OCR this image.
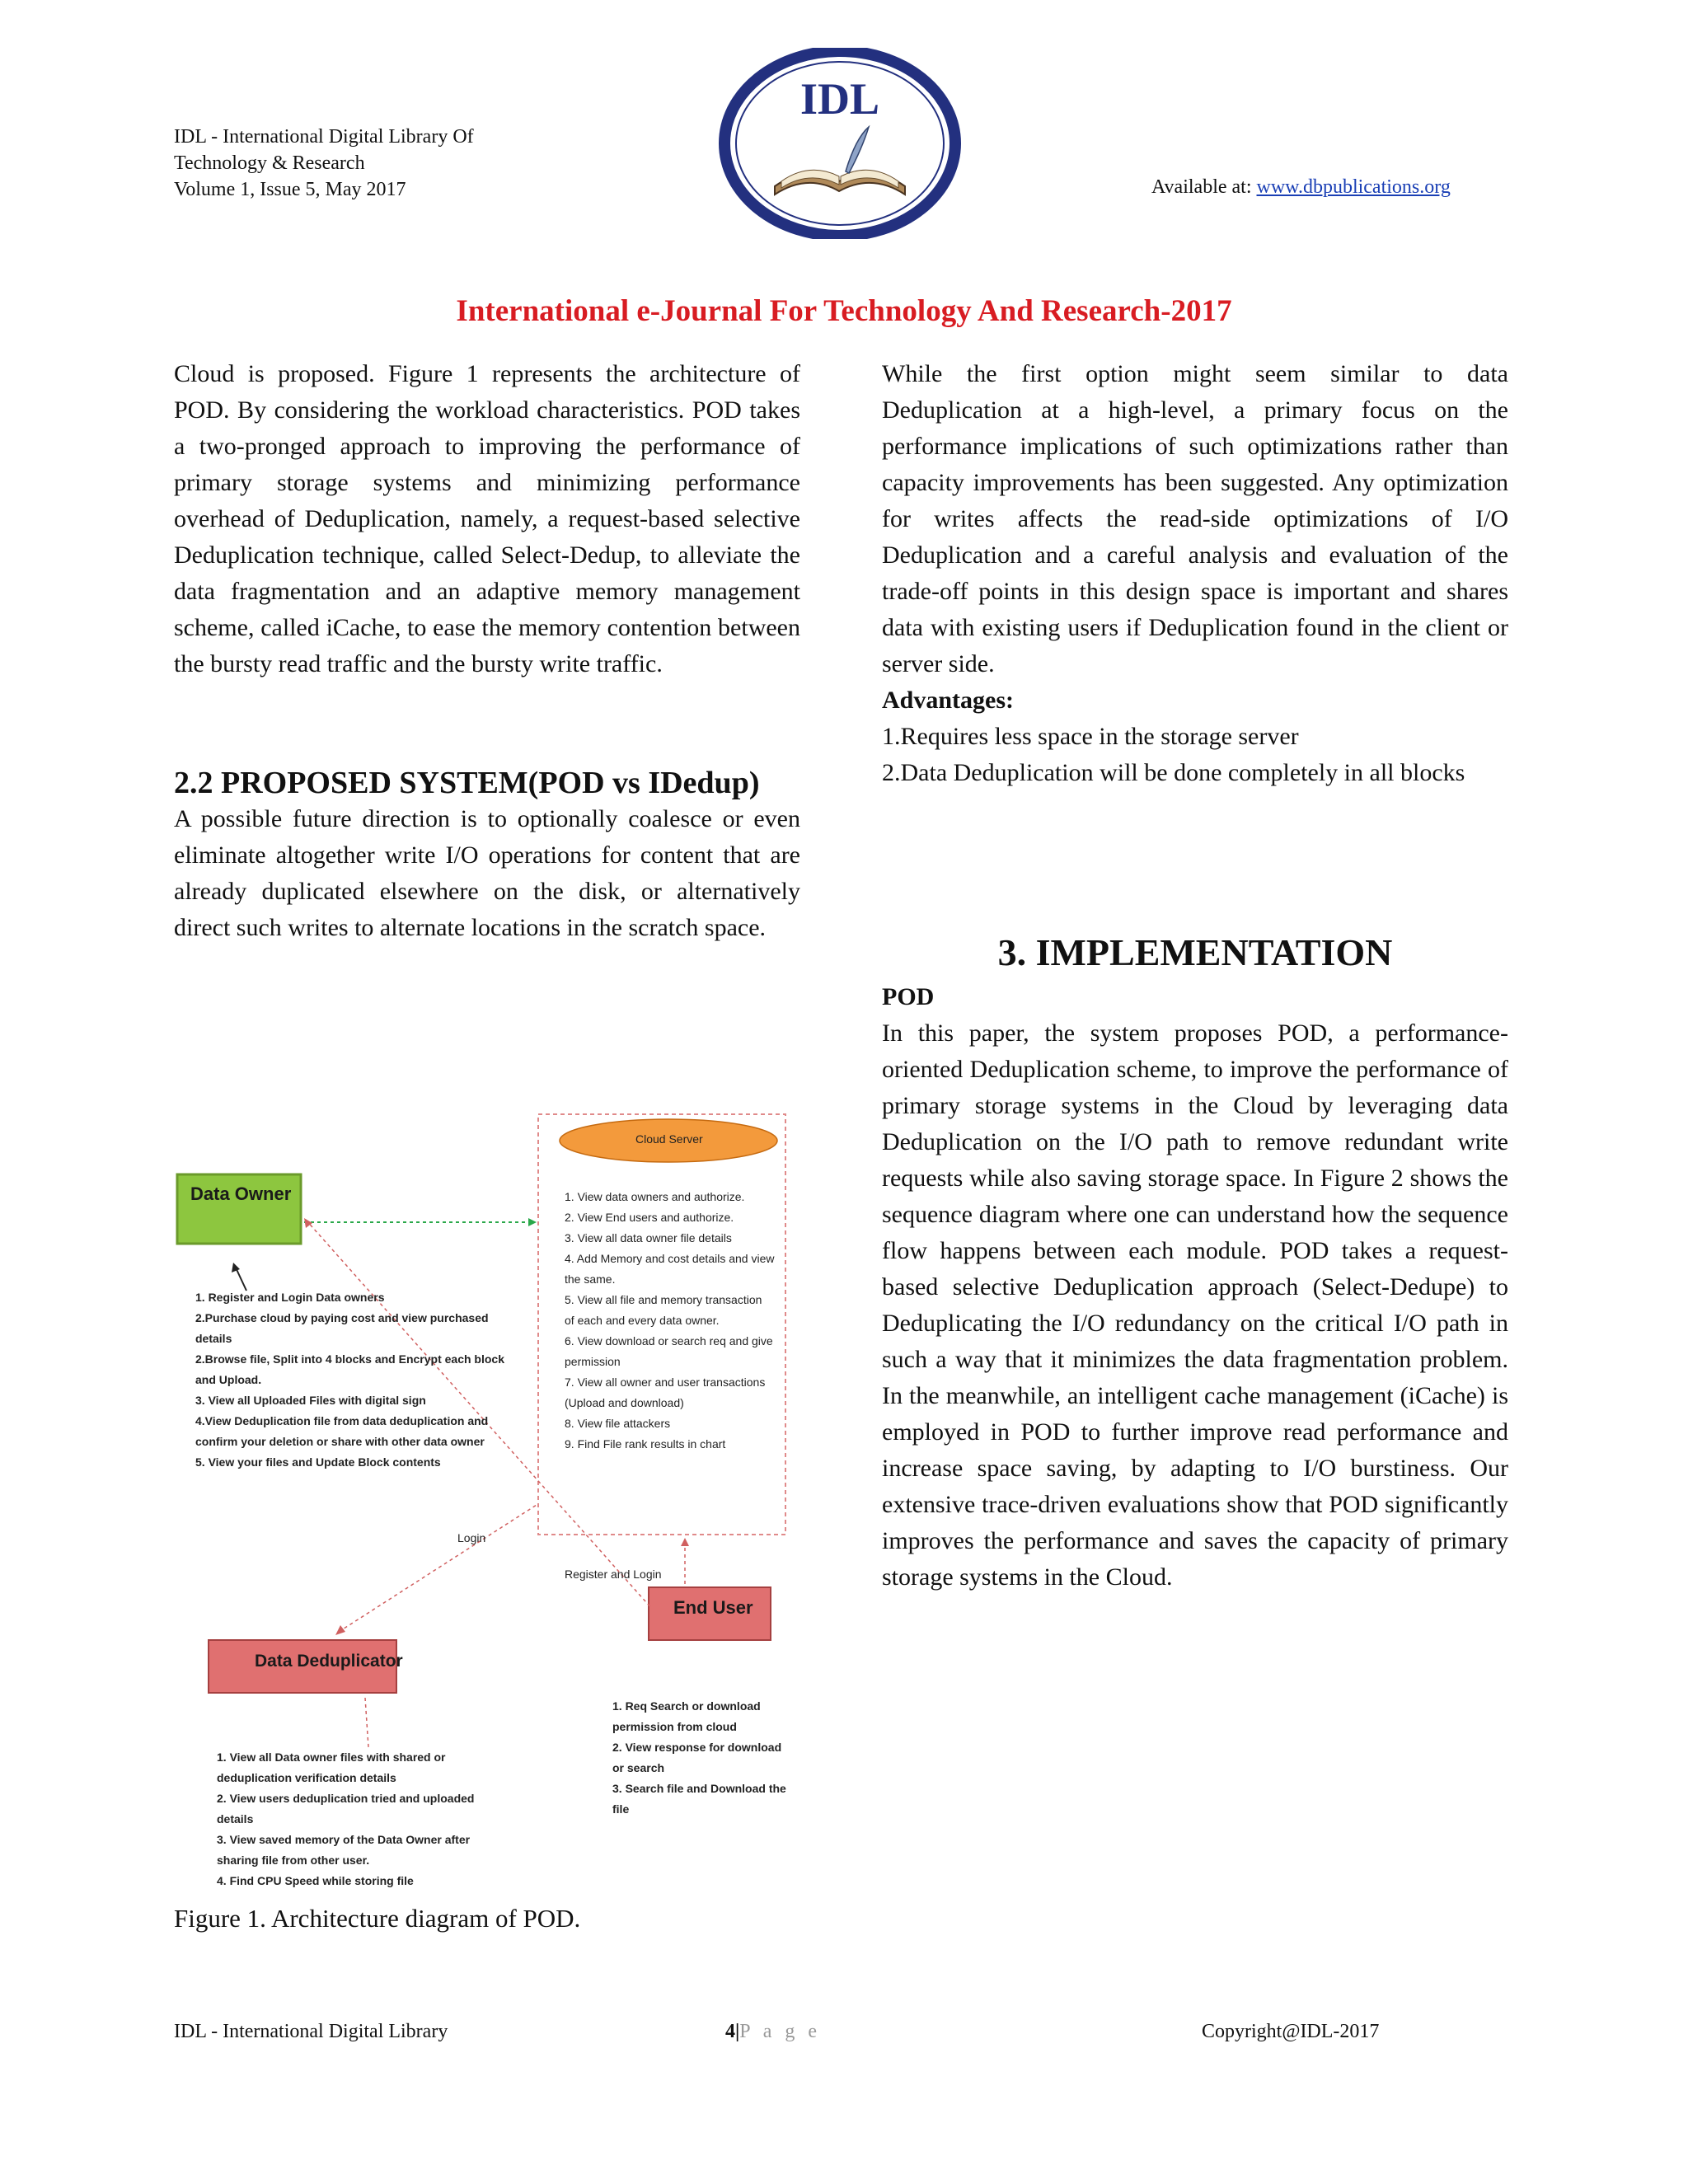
IDL - International Digital Library Of
Technology & Research
Volume 1, Issue 5, May 2017
IDL
Available at: www.dbpublications.org
International e-Journal For Technology And Research-2017

Cloud is proposed. Figure 1 represents the architecture of POD. By considering the workload characteristics. POD takes a two-pronged approach to improving the performance of primary storage systems and minimizing performance overhead of Deduplication, namely, a request-based selective Deduplication technique, called Select-Dedup, to alleviate the data fragmentation and an adaptive memory management scheme, called iCache, to ease the memory contention between the bursty read traffic and the bursty write traffic.

2.2 PROPOSED SYSTEM(POD vs IDedup)

A possible future direction is to optionally coalesce or even eliminate altogether write I/O operations for content that are already duplicated elsewhere on the disk, or alternatively direct such writes to alternate locations in the scratch space.

Data Owner
Cloud Server
End User
Data Deduplicator
1. View data owners and authorize.
2. View End users and authorize.
3. View all data owner file details
4. Add Memory and cost details and view
the same.
5. View all file and memory transaction
of each and every data owner.
6. View download or search req and give
permission
7. View all owner and user transactions
(Upload and download)
8. View file attackers
9. Find File rank results in chart
1. Register and Login Data owners
2.Purchase cloud by paying cost and view purchased
details
2.Browse file, Split into 4 blocks and Encrypt each block
and Upload.
3. View all Uploaded Files with digital sign
4.View Deduplication file from data deduplication and
confirm your deletion or share with other data owner
5. View your files and Update Block contents
Login
Register and Login
1. Req Search or download
permission from cloud
2. View response for download
or search
3. Search file and Download the
file
1. View all Data owner files with shared or
deduplication verification details
2. View users deduplication tried and uploaded
details
3. View saved memory of the Data Owner after
sharing file from other user.
4. Find CPU Speed while storing file
Figure 1. Architecture diagram of POD.

While the first option might seem similar to data Deduplication at a high-level, a primary focus on the performance implications of such optimizations rather than capacity improvements has been suggested. Any optimization for writes affects the read-side optimizations of I/O Deduplication and a careful analysis and evaluation of the trade-off points in this design space is important and shares data with existing users if Deduplication found in the client or server side.

Advantages:

1.Requires less space in the storage server

2.Data Deduplication will be done completely in all blocks

3. IMPLEMENTATION

POD

In this paper, the system proposes POD, a performance-oriented Deduplication scheme, to improve the performance of primary storage systems in the Cloud by leveraging data Deduplication on the I/O path to remove redundant write requests while also saving storage space. In Figure 2 shows the sequence diagram where one can understand how the sequence flow happens between each module. POD takes a request-based selective Deduplication approach (Select-Dedupe) to Deduplicating the I/O redundancy on the critical I/O path in such a way that it minimizes the data fragmentation problem. In the meanwhile, an intelligent cache management (iCache) is employed in POD to further improve read performance and increase space saving, by adapting to I/O burstiness. Our extensive trace-driven evaluations show that POD significantly improves the performance and saves the capacity of primary storage systems in the Cloud.

IDL - International Digital Library	4|P a g e	Copyright@IDL-2017
